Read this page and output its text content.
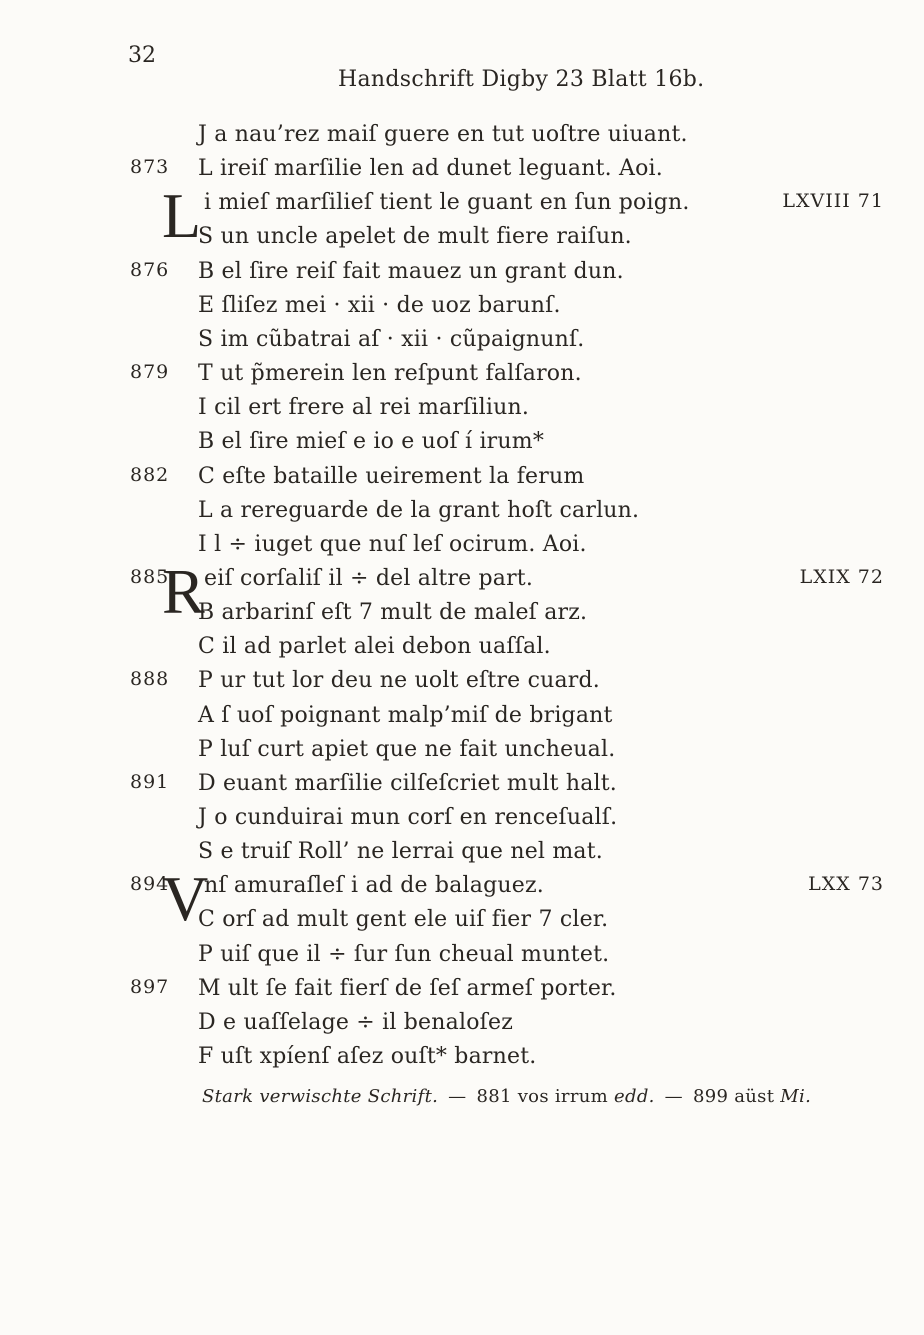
32
Handschrift Digby 23 Blatt 16b.
J a nau’rez maiſ guere en tut uoſtre uiuant.
873 L ireiſ marſilie len ad dunet leguant. Aoi.
i mieſ marſilieſ tient le guant en ſun poign.	LXVIII 71
L
S un uncle apelet de mult fiere raiſun.
876 B el ſire reiſ fait mauez un grant dun.
E ſliſez mei · xii · de uoz barunſ.
S im cũbatrai aſ · xii · cũpaignunſ.
879 T ut p̃merein len reſpunt falſaron.
I cil ert frere al rei marſiliun.
B el ſire mieſ e io e uoſ í irum*
882 C eſte bataille ueirement la ferum
L a rereguarde de la grant hoſt carlun.
I l ÷ iuget que nuſ leſ ocirum. Aoi.
885 eiſ corſaliſ il ÷ del altre part.	LXIX 72
R
B arbarinſ eſt 7 mult de maleſ arz.
C il ad parlet alei debon uaſſal.
888 P ur tut lor deu ne uolt eſtre cuard.
A ſ uoſ poignant malp’miſ de brigant
P luſ curt apiet que ne fait uncheual.
891 D euant marſilie cilſeſcriet mult halt.
J o cunduirai mun corſ en renceſualſ.
S e truiſ Roll’ ne lerrai que nel mat.
894 nſ amuraſleſ i ad de balaguez.	LXX 73
V
C orſ ad mult gent ele uiſ fier 7 cler.
P uiſ que il ÷ ſur ſun cheual muntet.
897 M ult ſe fait fierſ de ſeſ armeſ porter.
D e uaſſelage ÷ il benaloſez
F uſt xpíenſ aſez ouſt* barnet.
Stark verwischte Schrift. — 881 vos irrum edd. — 899 aüst Mi.
